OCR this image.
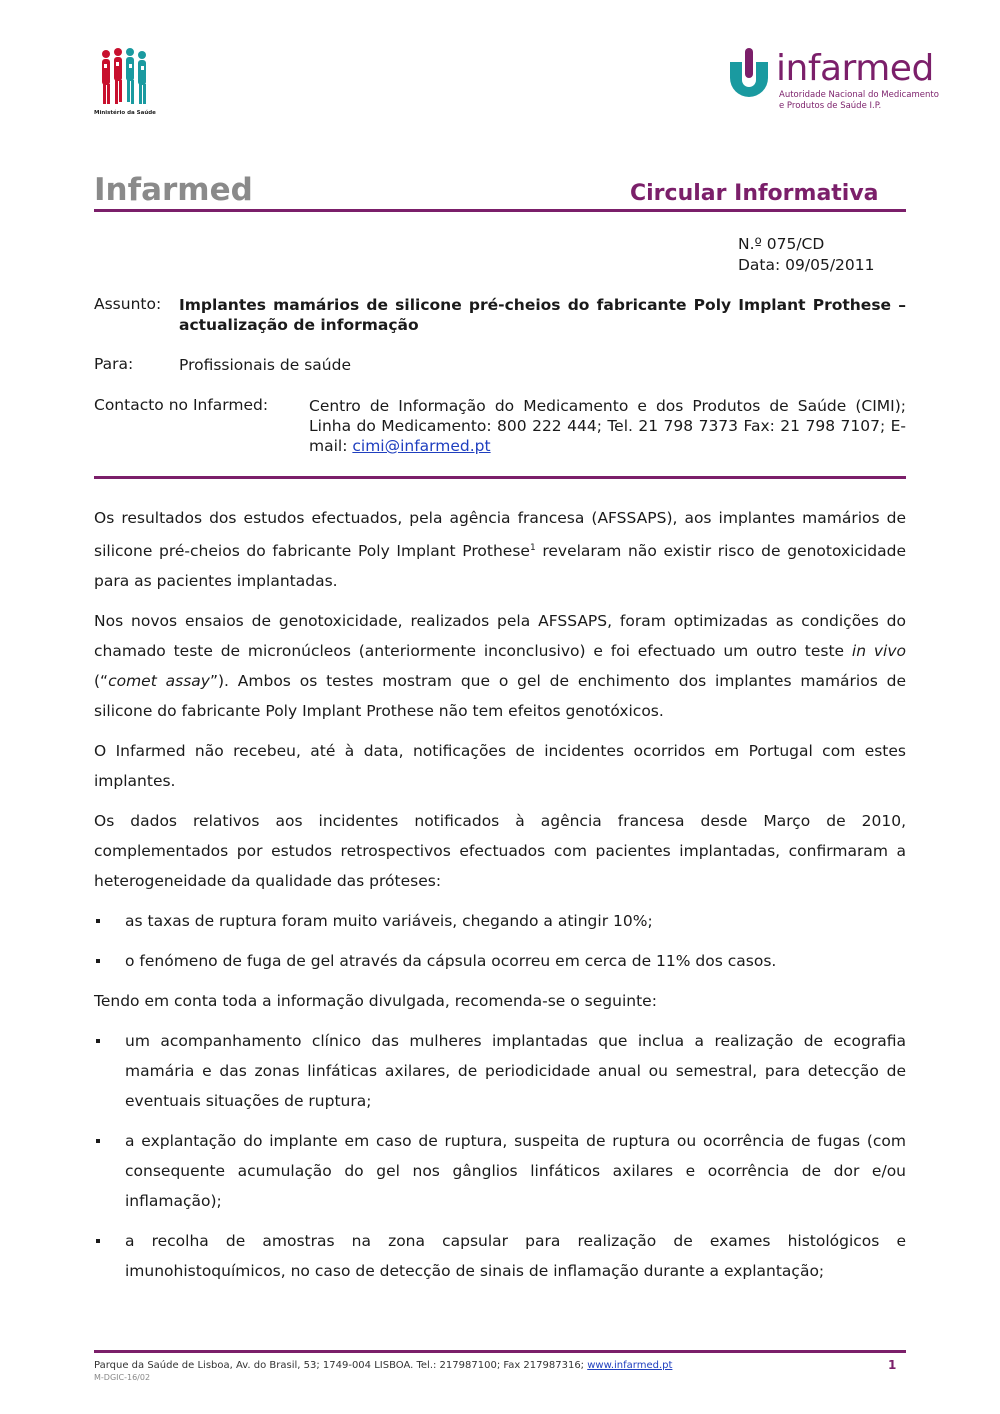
Ministério da Saúde
infarmed
Autoridade Nacional do Medicamento
e Produtos de Saúde I.P.
Infarmed	Circular Informativa
N.º 075/CD
Data: 09/05/2011
Assunto: Implantes mamários de silicone pré-cheios do fabricante Poly Implant Prothese –actualização de informação
Para:	Profissionais de saúde
Contacto no Infarmed:	Centro de Informação do Medicamento e dos Produtos de Saúde (CIMI); Linha do Medicamento: 800 222 444; Tel. 21 798 7373 Fax: 21 798 7107; E-mail: cimi@infarmed.pt

Os resultados dos estudos efectuados, pela agência francesa (AFSSAPS), aos implantes mamários de silicone pré-cheios do fabricante Poly Implant Prothese$^1$ revelaram não existir risco de genotoxicidade para as pacientes implantadas.

Nos novos ensaios de genotoxicidade, realizados pela AFSSAPS, foram optimizadas as condições do chamado teste de micronúcleos (anteriormente inconclusivo) e foi efectuado um outro teste in vivo (“comet assay”). Ambos os testes mostram que o gel de enchimento dos implantes mamários de silicone do fabricante Poly Implant Prothese não tem efeitos genotóxicos.

O Infarmed não recebeu, até à data, notificações de incidentes ocorridos em Portugal com estes implantes.

Os dados relativos aos incidentes notificados à agência francesa desde Março de 2010, complementados por estudos retrospectivos efectuados com pacientes implantadas, confirmaram a heterogeneidade da qualidade das próteses:

as taxas de ruptura foram muito variáveis, chegando a atingir 10%;
o fenómeno de fuga de gel através da cápsula ocorreu em cerca de 11% dos casos.

Tendo em conta toda a informação divulgada, recomenda-se o seguinte:

um acompanhamento clínico das mulheres implantadas que inclua a realização de ecografia mamária e das zonas linfáticas axilares, de periodicidade anual ou semestral, para detecção de eventuais situações de ruptura;
a explantação do implante em caso de ruptura, suspeita de ruptura ou ocorrência de fugas (com consequente acumulação do gel nos gânglios linfáticos axilares e ocorrência de dor e/ou inflamação);
a recolha de amostras na zona capsular para realização de exames histológicos e imunohistoquímicos, no caso de detecção de sinais de inflamação durante a explantação;
Parque da Saúde de Lisboa, Av. do Brasil, 53; 1749-004 LISBOA. Tel.: 217987100; Fax 217987316; www.infarmed.pt
M-DGIC-16/02
1
